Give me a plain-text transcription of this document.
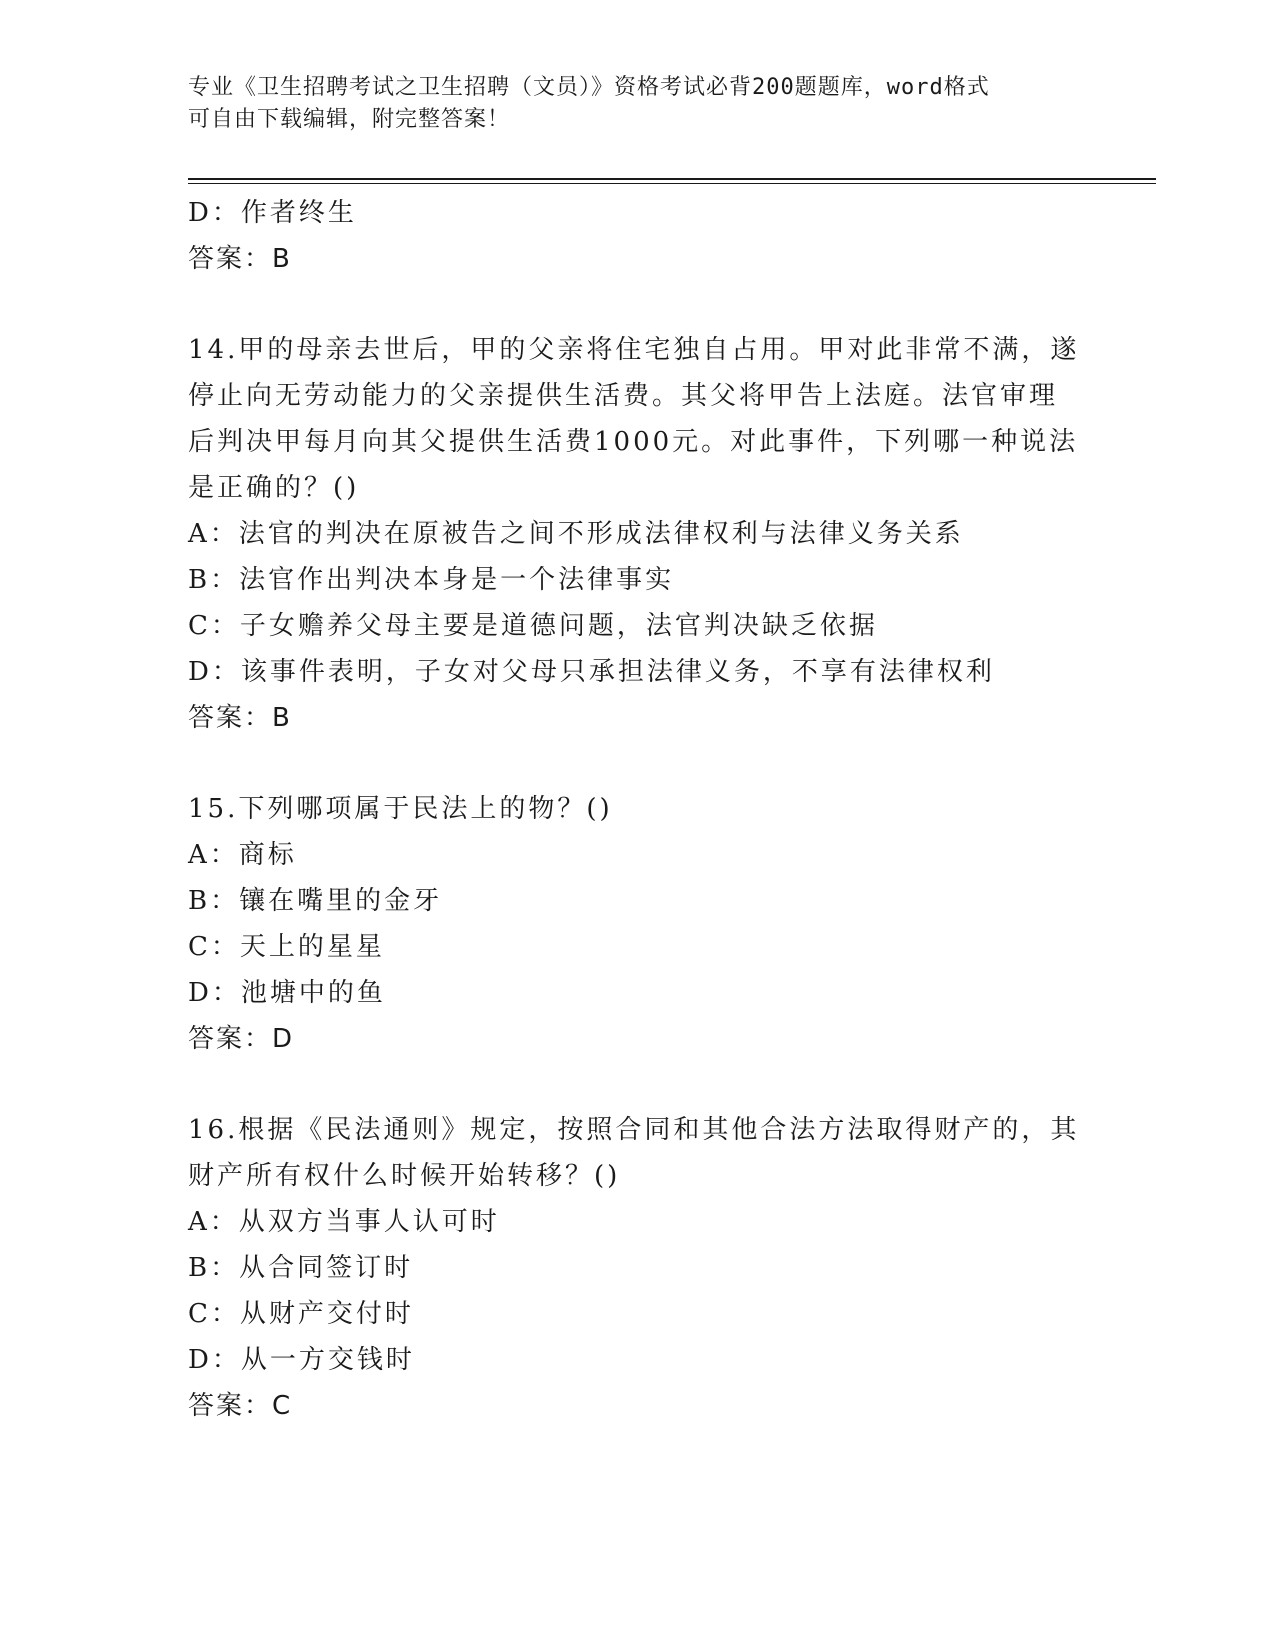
专业《卫生招聘考试之卫生招聘（文员）》资格考试必背200题题库，word格式
可自由下载编辑，附完整答案！
D：作者终生
答案：B
14.甲的母亲去世后，甲的父亲将住宅独自占用。甲对此非常不满，遂
停止向无劳动能力的父亲提供生活费。其父将甲告上法庭。法官审理
后判决甲每月向其父提供生活费1000元。对此事件，下列哪一种说法
是正确的？()
A：法官的判决在原被告之间不形成法律权利与法律义务关系
B：法官作出判决本身是一个法律事实
C：子女赡养父母主要是道德问题，法官判决缺乏依据
D：该事件表明，子女对父母只承担法律义务，不享有法律权利
答案：B
15.下列哪项属于民法上的物？()
A：商标
B：镶在嘴里的金牙
C：天上的星星
D：池塘中的鱼
答案：D
16.根据《民法通则》规定，按照合同和其他合法方法取得财产的，其
财产所有权什么时候开始转移？()
A：从双方当事人认可时
B：从合同签订时
C：从财产交付时
D：从一方交钱时
答案：C
